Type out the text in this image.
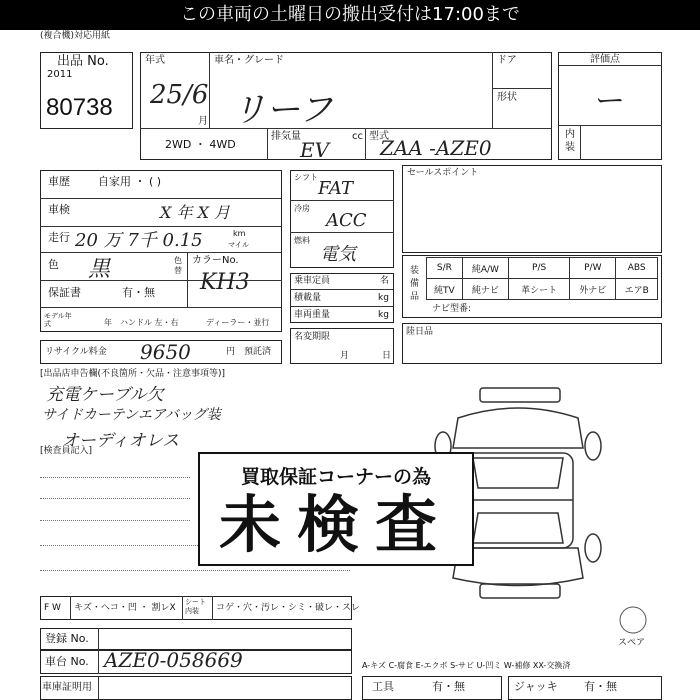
この車両の土曜日の搬出受付は17:00まで
(複合機)対応用紙
出品 No.
2011
80738
年式
25/6
月
車名・グレード
リーフ
ドア
形状
2WD ・ 4WD
排気量
EV
cc 型式
ZAA -AZE0
評価点
ー
内装
車歴	自家用 ・ ( )
車検	X 年 X 月
走行 20 万 7千 0.15	km
マイル
色 黒	色替
カラーNo.
KH3
保証書	有・無
モデル年式	年 ハンドル 左・右	ディーラー・並行
リサイクル料金 9650	円 預託済
シフト
FAT
冷房
ACC
燃料
電気
乗車定員	名
積載量	kg
車両重量	kg
名変期限
月	日
セールスポイント
装備品
S/R	純A/W	P/S	P/W	ABS
純TV	純ナビ	革シート	外ナビ	エアB
ナビ型番:
陸日品
[出品店申告欄(不良箇所・欠品・注意事項等)]
充電ケーブル欠
サイドカーテンエアバッグ装
オーディオレス
[検査員記入]
スペア
買取保証コーナーの為
未検査
F W キズ・ヘコ・凹 ・ 割レX
シート内装	コゲ・穴・汚レ・シミ・破レ・スレ
登録 No.
車台 No. AZE0-058669
車庫証明用
A-キズ C-腐食 E-エクボ S-サビ U-凹ミ W-補修 XX-交換済
工具	有・無	ジャッキ 有・無
